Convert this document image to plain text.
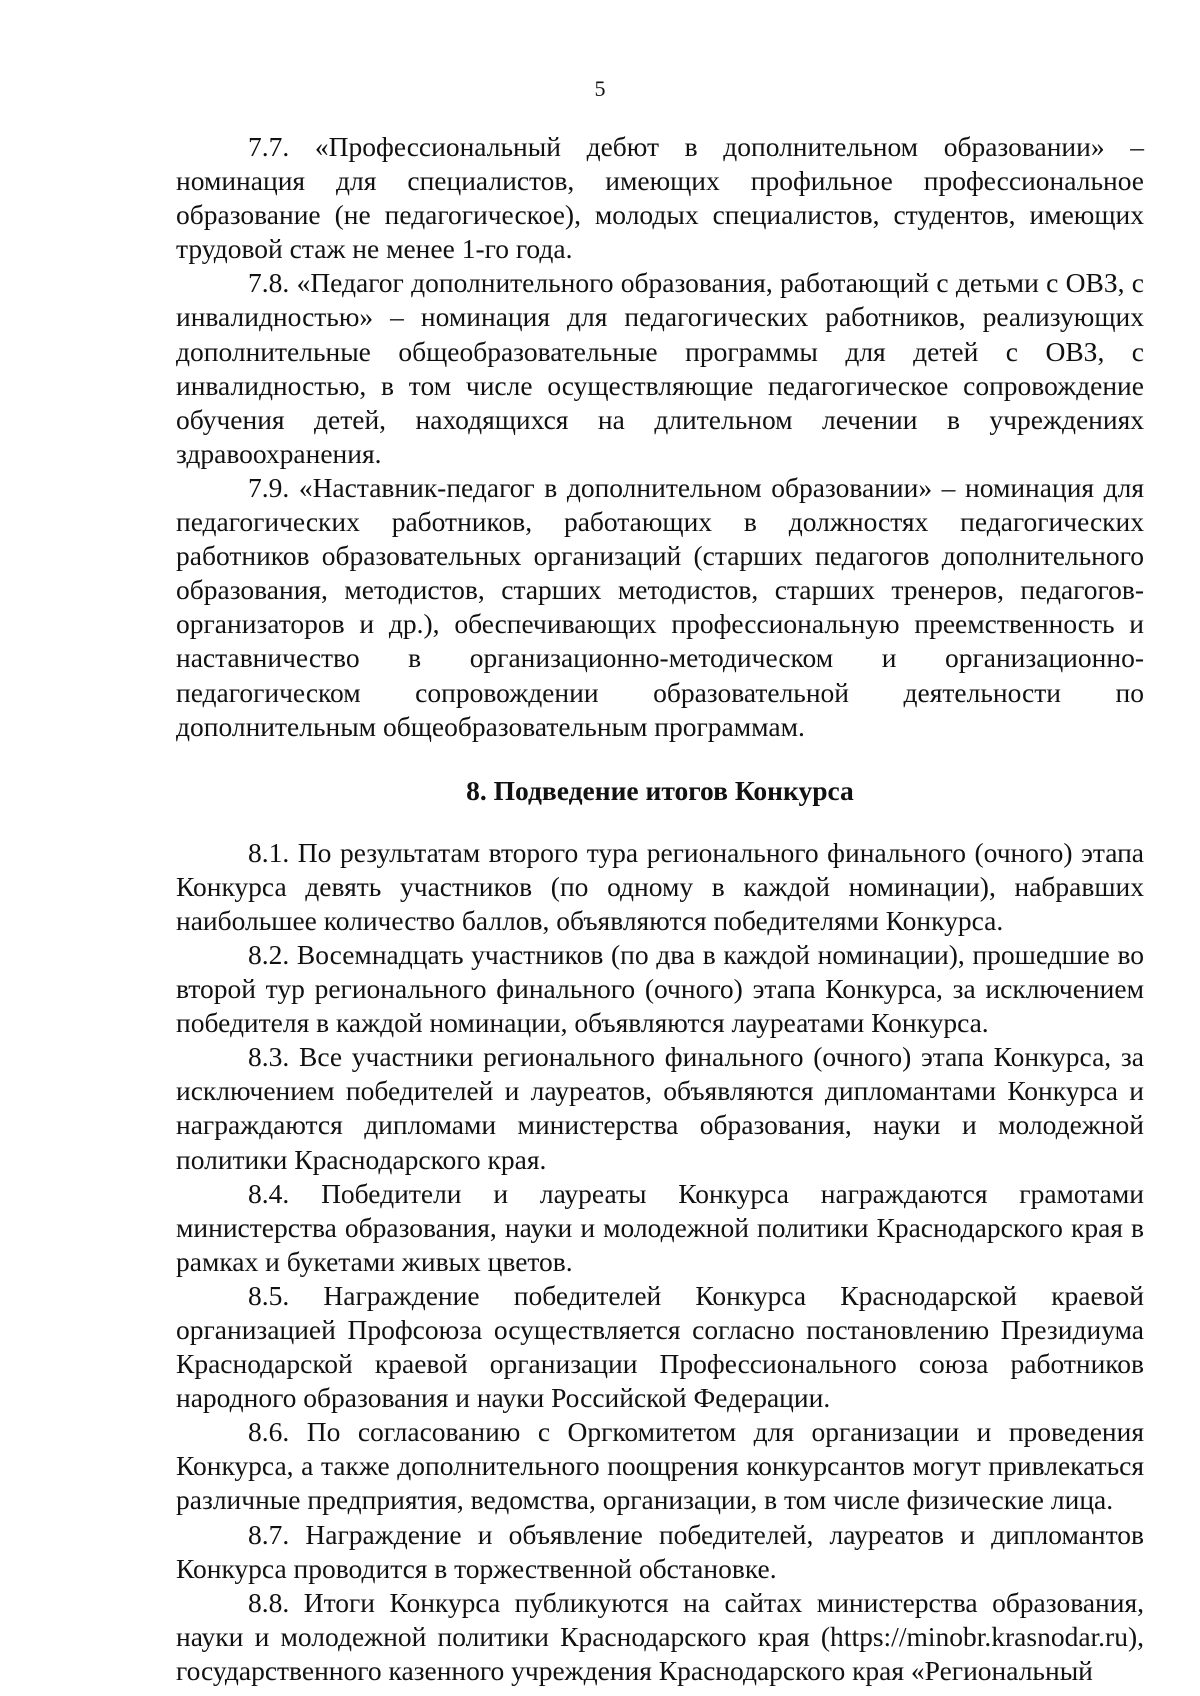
5

7.7. «Профессиональный дебют в дополнительном образовании» –номинация для специалистов, имеющих профильное профессиональное образование (не педагогическое), молодых специалистов, студентов, имеющих трудовой стаж не менее 1-го года.

7.8. «Педагог дополнительного образования, работающий с детьми с ОВЗ, с инвалидностью» – номинация для педагогических работников, реализующих дополнительные общеобразовательные программы для детей с ОВЗ, с инвалидностью, в том числе осуществляющие педагогическое сопровождение обучения детей, находящихся на длительном лечении в учреждениях здравоохранения.

7.9. «Наставник-педагог в дополнительном образовании» – номинация для педагогических работников, работающих в должностях педагогических работников образовательных организаций (старших педагогов дополнительного образования, методистов, старших методистов, старших тренеров, педагогов-организаторов и др.), обеспечивающих профессиональную преемственность и наставничество в организационно-методическом и организационно-педагогическом сопровождении образовательной деятельности по дополнительным общеобразовательным программам.

8. Подведение итогов Конкурса

8.1. По результатам второго тура регионального финального (очного) этапа Конкурса девять участников (по одному в каждой номинации), набравших наибольшее количество баллов, объявляются победителями Конкурса.

8.2. Восемнадцать участников (по два в каждой номинации), прошедшие во второй тур регионального финального (очного) этапа Конкурса, за исключением победителя в каждой номинации, объявляются лауреатами Конкурса.

8.3. Все участники регионального финального (очного) этапа Конкурса, за исключением победителей и лауреатов, объявляются дипломантами Конкурса и награждаются дипломами министерства образования, науки и молодежной политики Краснодарского края.

8.4. Победители и лауреаты Конкурса награждаются грамотами министерства образования, науки и молодежной политики Краснодарского края в рамках и букетами живых цветов.

8.5. Награждение победителей Конкурса Краснодарской краевой организацией Профсоюза осуществляется согласно постановлению Президиума Краснодарской краевой организации Профессионального союза работников народного образования и науки Российской Федерации.

8.6. По согласованию с Оргкомитетом для организации и проведения Конкурса, а также дополнительного поощрения конкурсантов могут привлекаться различные предприятия, ведомства, организации, в том числе физические лица.

8.7. Награждение и объявление победителей, лауреатов и дипломантов Конкурса проводится в торжественной обстановке.

8.8. Итоги Конкурса публикуются на сайтах министерства образования, науки и молодежной политики Краснодарского края (https://minobr.krasnodar.ru), государственного казенного учреждения Краснодарского края «Региональный
